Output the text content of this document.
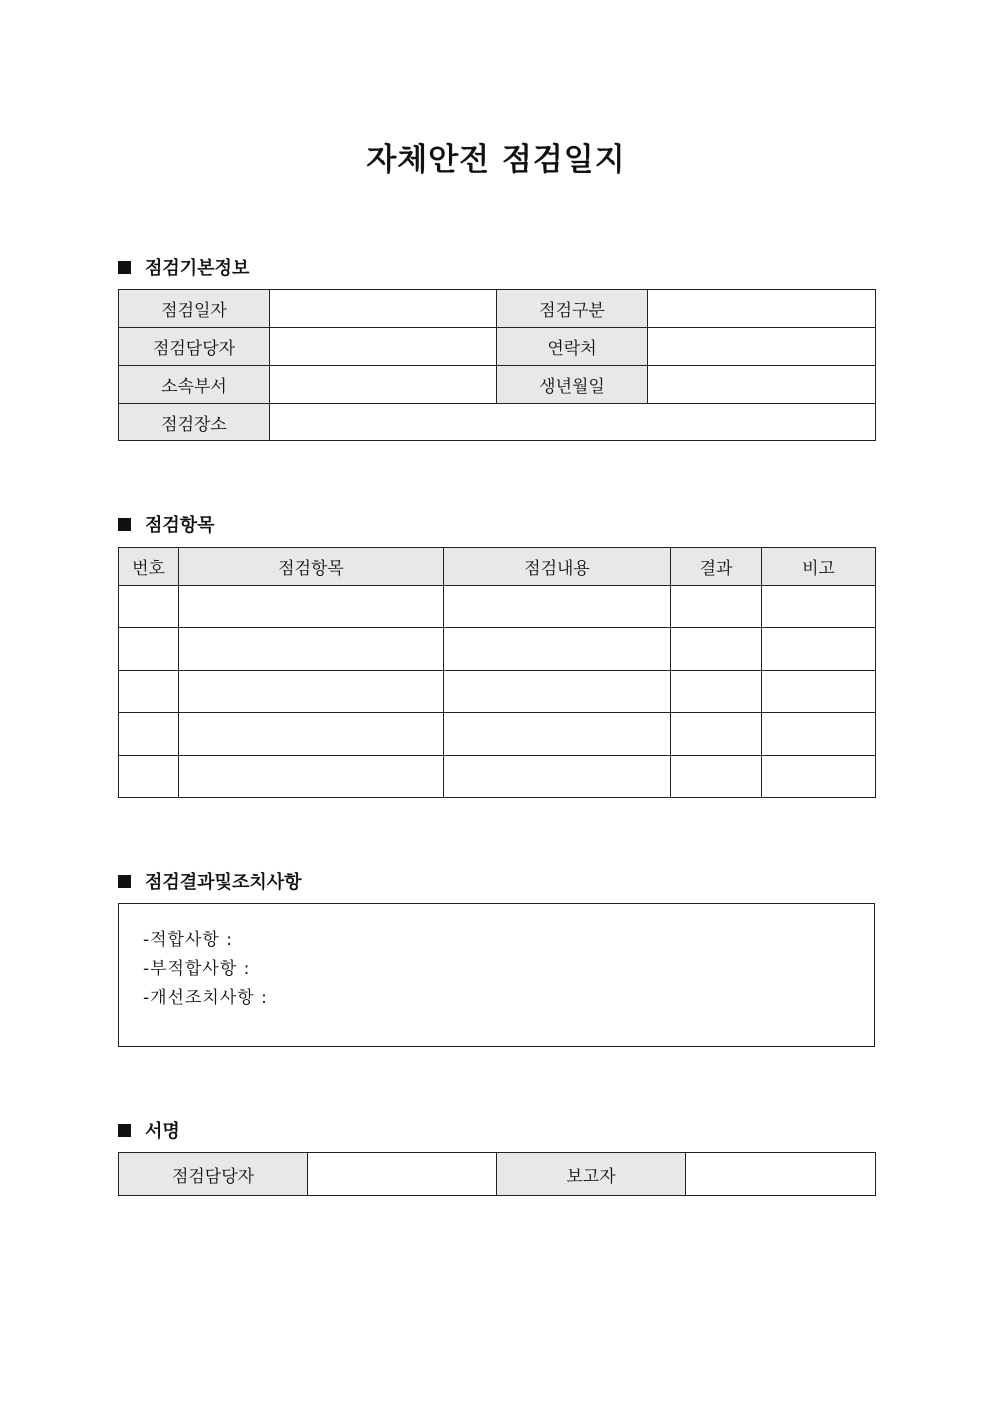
자체안전 점검일지
점검기본정보
점검일자		점검구분	
점검담당자		연락처	
소속부서		생년월일	
점검장소			
점검항목
번호	점검항목	점검내용	결과	비고

점검결과및조치사항
-적합사항 :
-부적합사항 :
-개선조치사항 :
서명
점검담당자		보고자	
